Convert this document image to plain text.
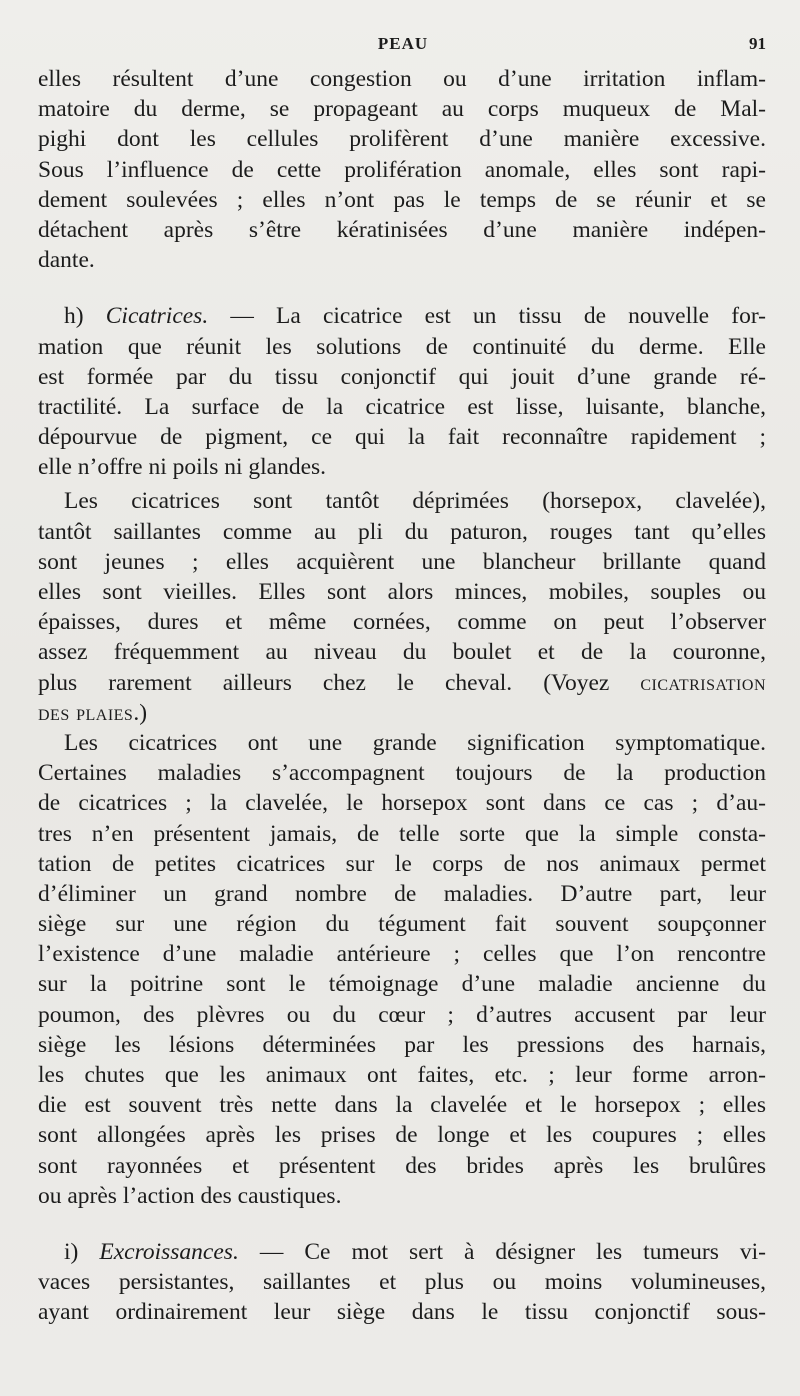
PEAU	91
elles résultent d’une congestion ou d’une irritation inflam-
matoire du derme, se propageant au corps muqueux de Mal-
pighi dont les cellules prolifèrent d’une manière excessive.
Sous l’influence de cette prolifération anomale, elles sont rapi-
dement soulevées ; elles n’ont pas le temps de se réunir et se
détachent après s’être kératinisées d’une manière indépen-
dante.
h) Cicatrices. — La cicatrice est un tissu de nouvelle for-
mation que réunit les solutions de continuité du derme. Elle
est formée par du tissu conjonctif qui jouit d’une grande ré-
tractilité. La surface de la cicatrice est lisse, luisante, blanche,
dépourvue de pigment, ce qui la fait reconnaître rapidement ;
elle n’offre ni poils ni glandes.
Les cicatrices sont tantôt déprimées (horsepox, clavelée),
tantôt saillantes comme au pli du paturon, rouges tant qu’elles
sont jeunes ; elles acquièrent une blancheur brillante quand
elles sont vieilles. Elles sont alors minces, mobiles, souples ou
épaisses, dures et même cornées, comme on peut l’observer
assez fréquemment au niveau du boulet et de la couronne,
plus rarement ailleurs chez le cheval. (Voyez cicatrisation
des plaies.)
Les cicatrices ont une grande signification symptomatique.
Certaines maladies s’accompagnent toujours de la production
de cicatrices ; la clavelée, le horsepox sont dans ce cas ; d’au-
tres n’en présentent jamais, de telle sorte que la simple consta-
tation de petites cicatrices sur le corps de nos animaux permet
d’éliminer un grand nombre de maladies. D’autre part, leur
siège sur une région du tégument fait souvent soupçonner
l’existence d’une maladie antérieure ; celles que l’on rencontre
sur la poitrine sont le témoignage d’une maladie ancienne du
poumon, des plèvres ou du cœur ; d’autres accusent par leur
siège les lésions déterminées par les pressions des harnais,
les chutes que les animaux ont faites, etc. ; leur forme arron-
die est souvent très nette dans la clavelée et le horsepox ; elles
sont allongées après les prises de longe et les coupures ; elles
sont rayonnées et présentent des brides après les brulûres
ou après l’action des caustiques.
i) Excroissances. — Ce mot sert à désigner les tumeurs vi-
vaces persistantes, saillantes et plus ou moins volumineuses,
ayant ordinairement leur siège dans le tissu conjonctif sous-
